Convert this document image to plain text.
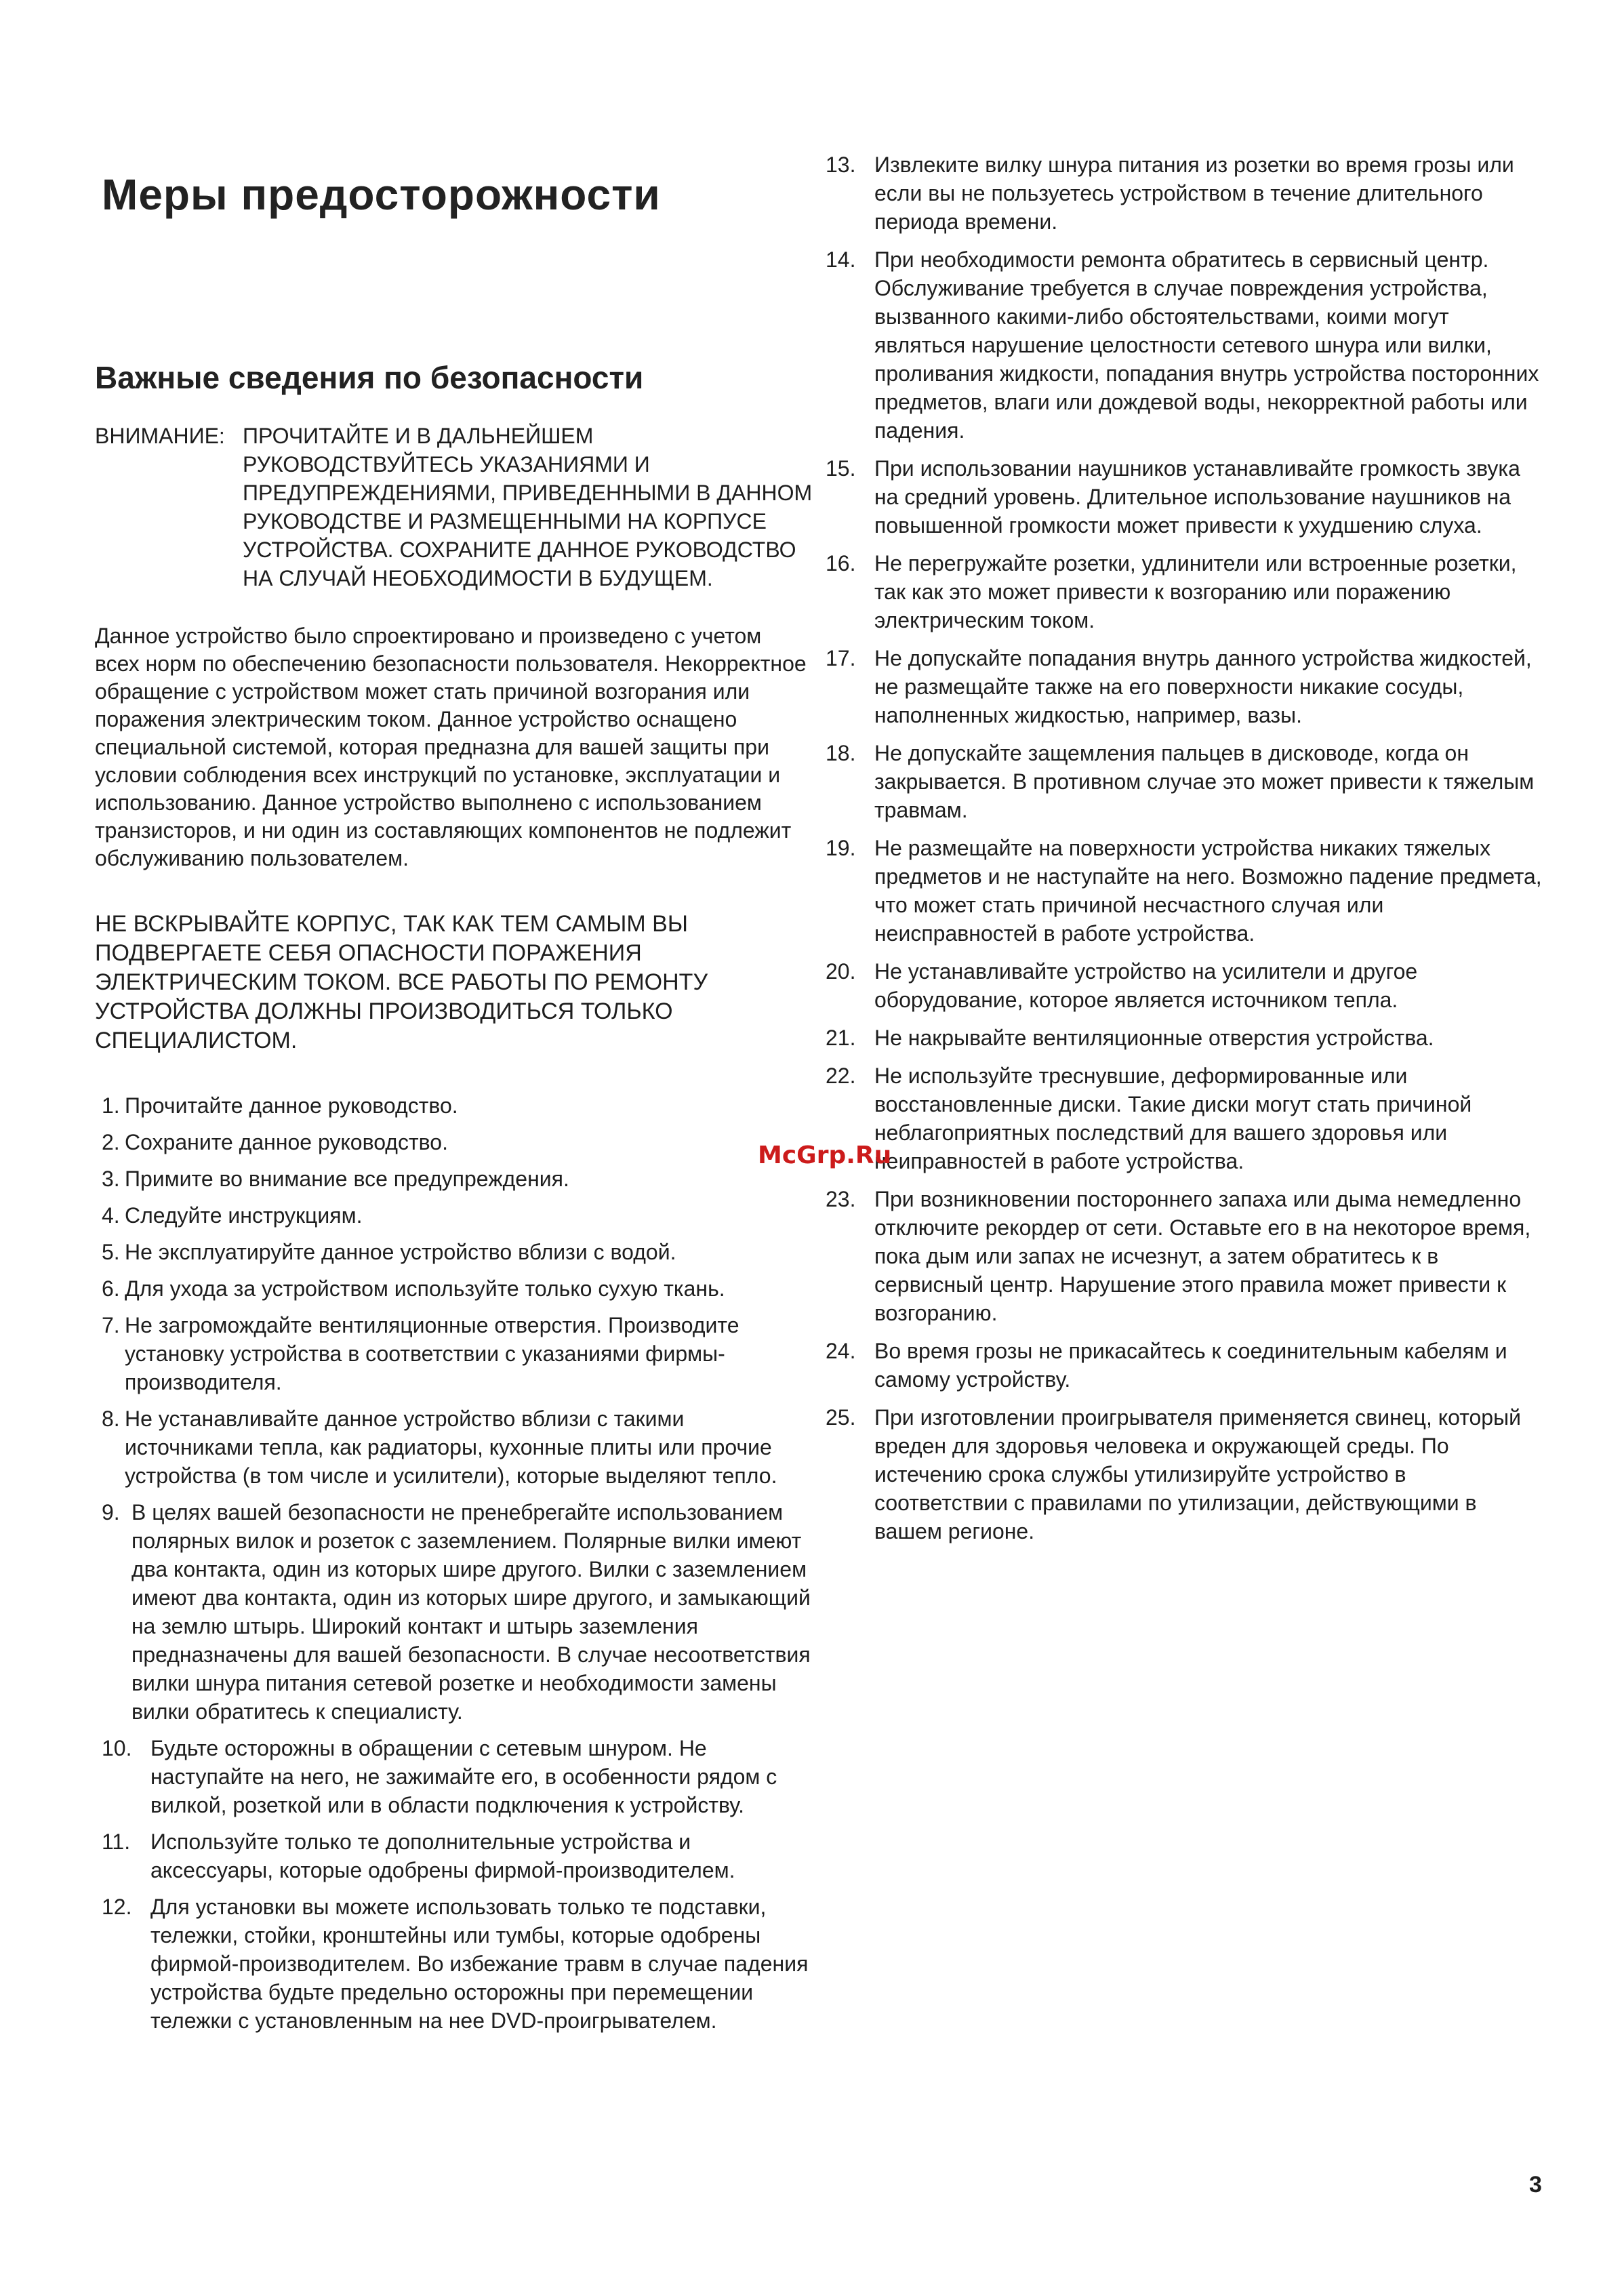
Меры предосторожности
Важные сведения по безопасности
ВНИМАНИЕ: ПРОЧИТАЙТЕ И В ДАЛЬНЕЙШЕМ РУКОВОДСТВУЙТЕСЬ УКАЗАНИЯМИ И ПРЕДУПРЕЖДЕНИЯМИ, ПРИВЕДЕННЫМИ В ДАННОМ РУКОВОДСТВЕ И РАЗМЕЩЕННЫМИ НА КОРПУСЕ УСТРОЙСТВА. СОХРАНИТЕ ДАННОЕ РУКОВОДСТВО НА СЛУЧАЙ НЕОБХОДИМОСТИ В БУДУЩЕМ.

Данное устройство было спроектировано и произведено с учетом всех норм по обеспечению безопасности пользователя. Некорректное обращение с устройством может стать причиной возгорания или поражения электрическим током. Данное устройство оснащено специальной системой, которая предназна для вашей защиты при условии соблюдения всех инструкций по установке, эксплуатации и использованию. Данное устройство выполнено с использованием транзисторов, и ни один из составляющих компонентов не подлежит обслуживанию пользователем.

НЕ ВСКРЫВАЙТЕ КОРПУС, ТАК КАК ТЕМ САМЫМ ВЫ ПОДВЕРГАЕТЕ СЕБЯ ОПАСНОСТИ ПОРАЖЕНИЯ ЭЛЕКТРИЧЕСКИМ ТОКОМ. ВСЕ РАБОТЫ ПО РЕМОНТУ УСТРОЙСТВА ДОЛЖНЫ ПРОИЗВОДИТЬСЯ ТОЛЬКО СПЕЦИАЛИСТОМ.

1. Прочитайте данное руководство.
2. Сохраните данное руководство.
3. Примите во внимание все предупреждения.
4. Следуйте инструкциям.
5. Не эксплуатируйте данное устройство вблизи с водой.
6. Для ухода за устройством используйте только сухую ткань.
7. Не загромождайте вентиляционные отверстия. Производите установку устройства в соответствии с указаниями фирмы-производителя.
8. Не устанавливайте данное устройство вблизи с такими источниками тепла, как радиаторы, кухонные плиты или прочие устройства (в том числе и усилители), которые выделяют тепло.
9. В целях вашей безопасности не пренебрегайте использованием полярных вилок и розеток с заземлением. Полярные вилки имеют два контакта, один из которых шире другого. Вилки с заземлением имеют два контакта, один из которых шире другого, и замыкающий на землю штырь. Широкий контакт и штырь заземления предназначены для вашей безопасности. В случае несоответствия вилки шнура питания сетевой розетке и необходимости замены вилки обратитесь к специалисту.
10. Будьте осторожны в обращении с сетевым шнуром. Не наступайте на него, не зажимайте его, в особенности рядом с вилкой, розеткой или в области подключения к устройству.
11. Используйте только те дополнительные устройства и аксессуары, которые одобрены фирмой-производителем.
12. Для установки вы можете использовать только те подставки, тележки, стойки, кронштейны или тумбы, которые одобрены фирмой-производителем. Во избежание травм в случае падения устройства будьте предельно осторожны при перемещении тележки с установленным на нее DVD-проигрывателем.
13. Извлеките вилку шнура питания из розетки во время грозы или если вы не пользуетесь устройством в течение длительного периода времени.
14. При необходимости ремонта обратитесь в сервисный центр. Обслуживание требуется в случае повреждения устройства, вызванного какими-либо обстоятельствами, коими могут являться нарушение целостности сетевого шнура или вилки, проливания жидкости, попадания внутрь устройства посторонних предметов, влаги или дождевой воды, некорректной работы или падения.
15. При использовании наушников устанавливайте громкость звука на средний уровень. Длительное использование наушников на повышенной громкости может привести к ухудшению слуха.
16. Не перегружайте розетки, удлинители или встроенные розетки, так как это может привести к возгоранию или поражению электрическим током.
17. Не допускайте попадания внутрь данного устройства жидкостей, не размещайте также на его поверхности никакие сосуды, наполненных жидкостью, например, вазы.
18. Не допускайте защемления пальцев в дисководе, когда он закрывается. В противном случае это может привести к тяжелым травмам.
19. Не размещайте на поверхности устройства никаких тяжелых предметов и не наступайте на него. Возможно падение предмета, что может стать причиной несчастного случая или неисправностей в работе устройства.
20. Не устанавливайте устройство на усилители и другое оборудование, которое является источником тепла.
21. Не накрывайте вентиляционные отверстия устройства.
22. Не используйте треснувшие, деформированные или восстановленные диски. Такие диски могут стать причиной неблагоприятных последствий для вашего здоровья или неиправностей в работе устройства.
23. При возникновении постороннего запаха или дыма немедленно отключите рекордер от сети. Оставьте его в на некоторое время, пока дым или запах не исчезнут, а затем обратитесь к в сервисный центр. Нарушение этого правила может привести к возгоранию.
24. Во время грозы не прикасайтесь к соединительным кабелям и самому устройству.
25. При изготовлении проигрывателя применяется свинец, который вреден для здоровья человека и окружающей среды. По истечению срока службы утилизируйте устройство в соответствии с правилами по утилизации, действующими в вашем регионе.
McGrp.Ru
3
